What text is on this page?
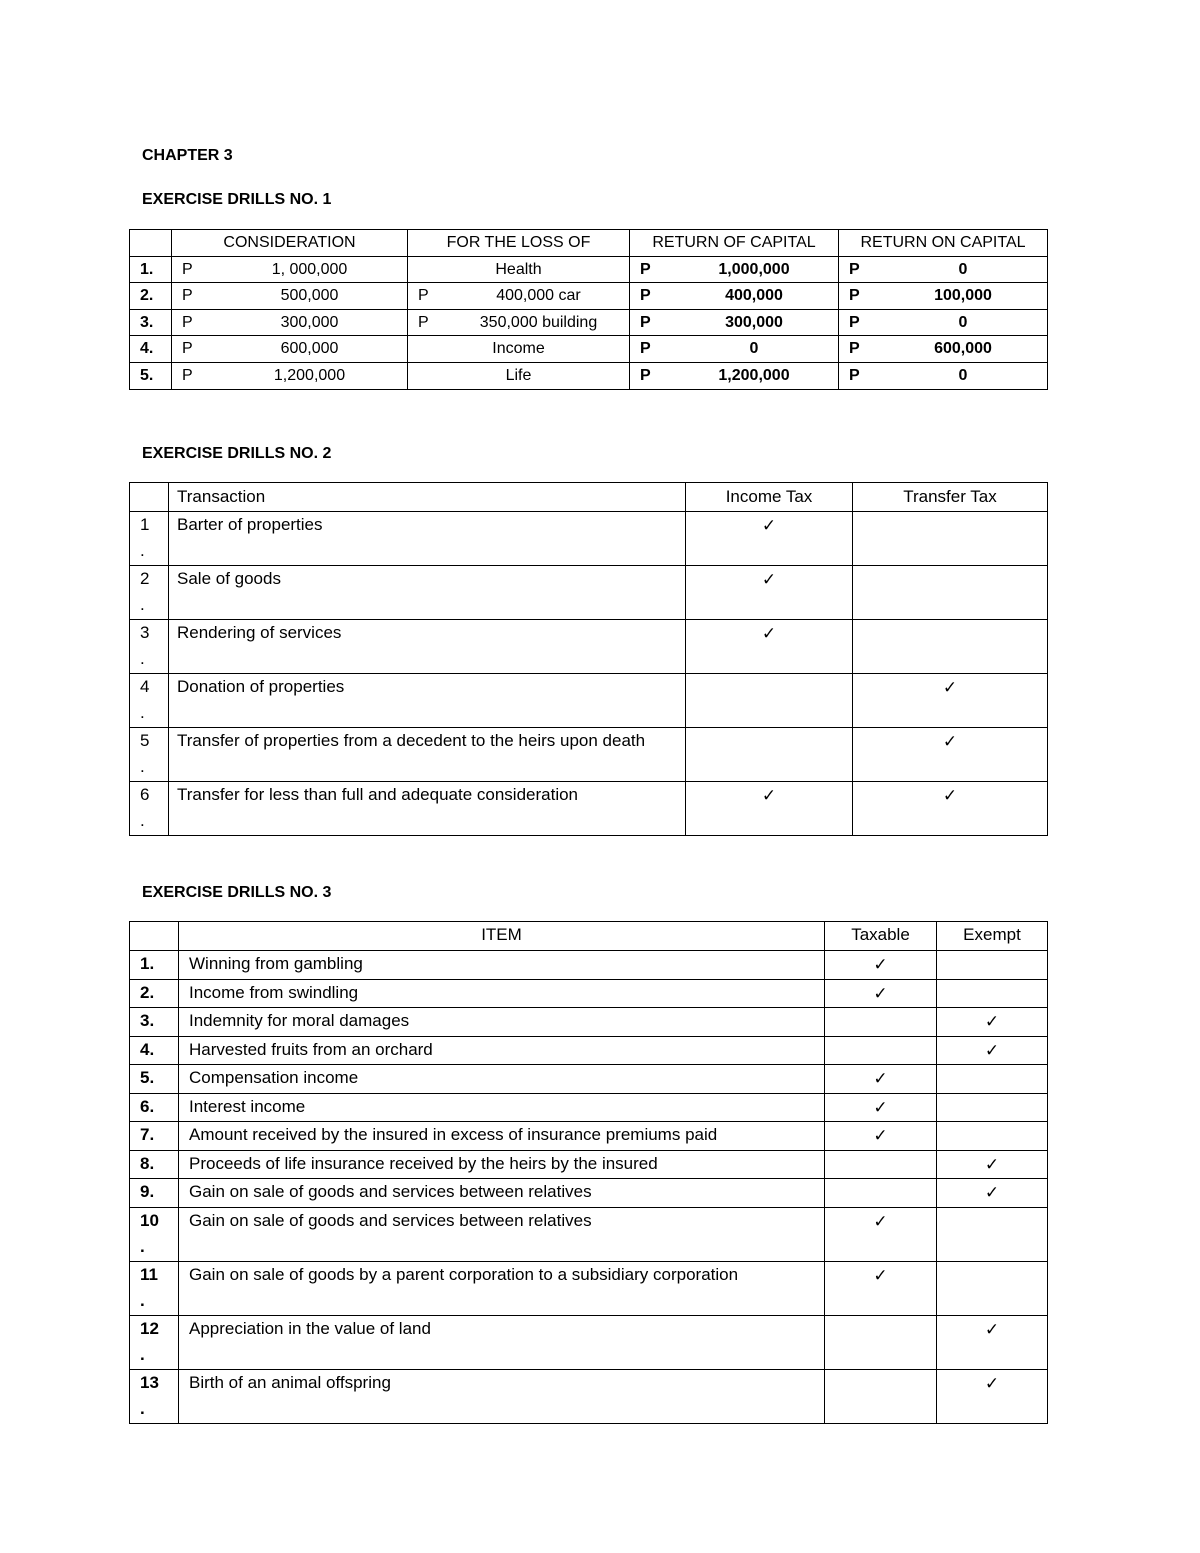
CHAPTER 3
EXERCISE DRILLS NO. 1
	CONSIDERATION	FOR THE LOSS OF	RETURN OF CAPITAL	RETURN ON CAPITAL
1.	P 1, 000,000	Health	P 1,000,000	P 0

2.	P 500,000	P 400,000 car	P 400,000	P 100,000

3.	P 300,000	P 350,000 building	P 300,000	P 0

4.	P 600,000	Income	P 0	P 600,000

5.	P 1,200,000	Life	P 1,200,000	P 0
EXERCISE DRILLS NO. 2
	Transaction	Income Tax	Transfer Tax
1
.	Barter of properties	✓	
2
.	Sale of goods	✓	
3
.	Rendering of services	✓	
4
.	Donation of properties		✓
5
.	Transfer of properties from a decedent to the heirs upon death		✓
6
.	Transfer for less than full and adequate consideration	✓	✓
EXERCISE DRILLS NO. 3
	ITEM	Taxable	Exempt
1.	Winning from gambling	✓	
2.	Income from swindling	✓	
3.	Indemnity for moral damages		✓
4.	Harvested fruits from an orchard		✓
5.	Compensation income	✓	
6.	Interest income	✓	
7.	Amount received by the insured in excess of insurance premiums paid	✓	
8.	Proceeds of life insurance received by the heirs by the insured		✓
9.	Gain on sale of goods and services between relatives		✓
10
.	Gain on sale of goods and services between relatives	✓	
11
.	Gain on sale of goods by a parent corporation to a subsidiary corporation	✓	
12
.	Appreciation in the value of land		✓
13
.	Birth of an animal offspring		✓
